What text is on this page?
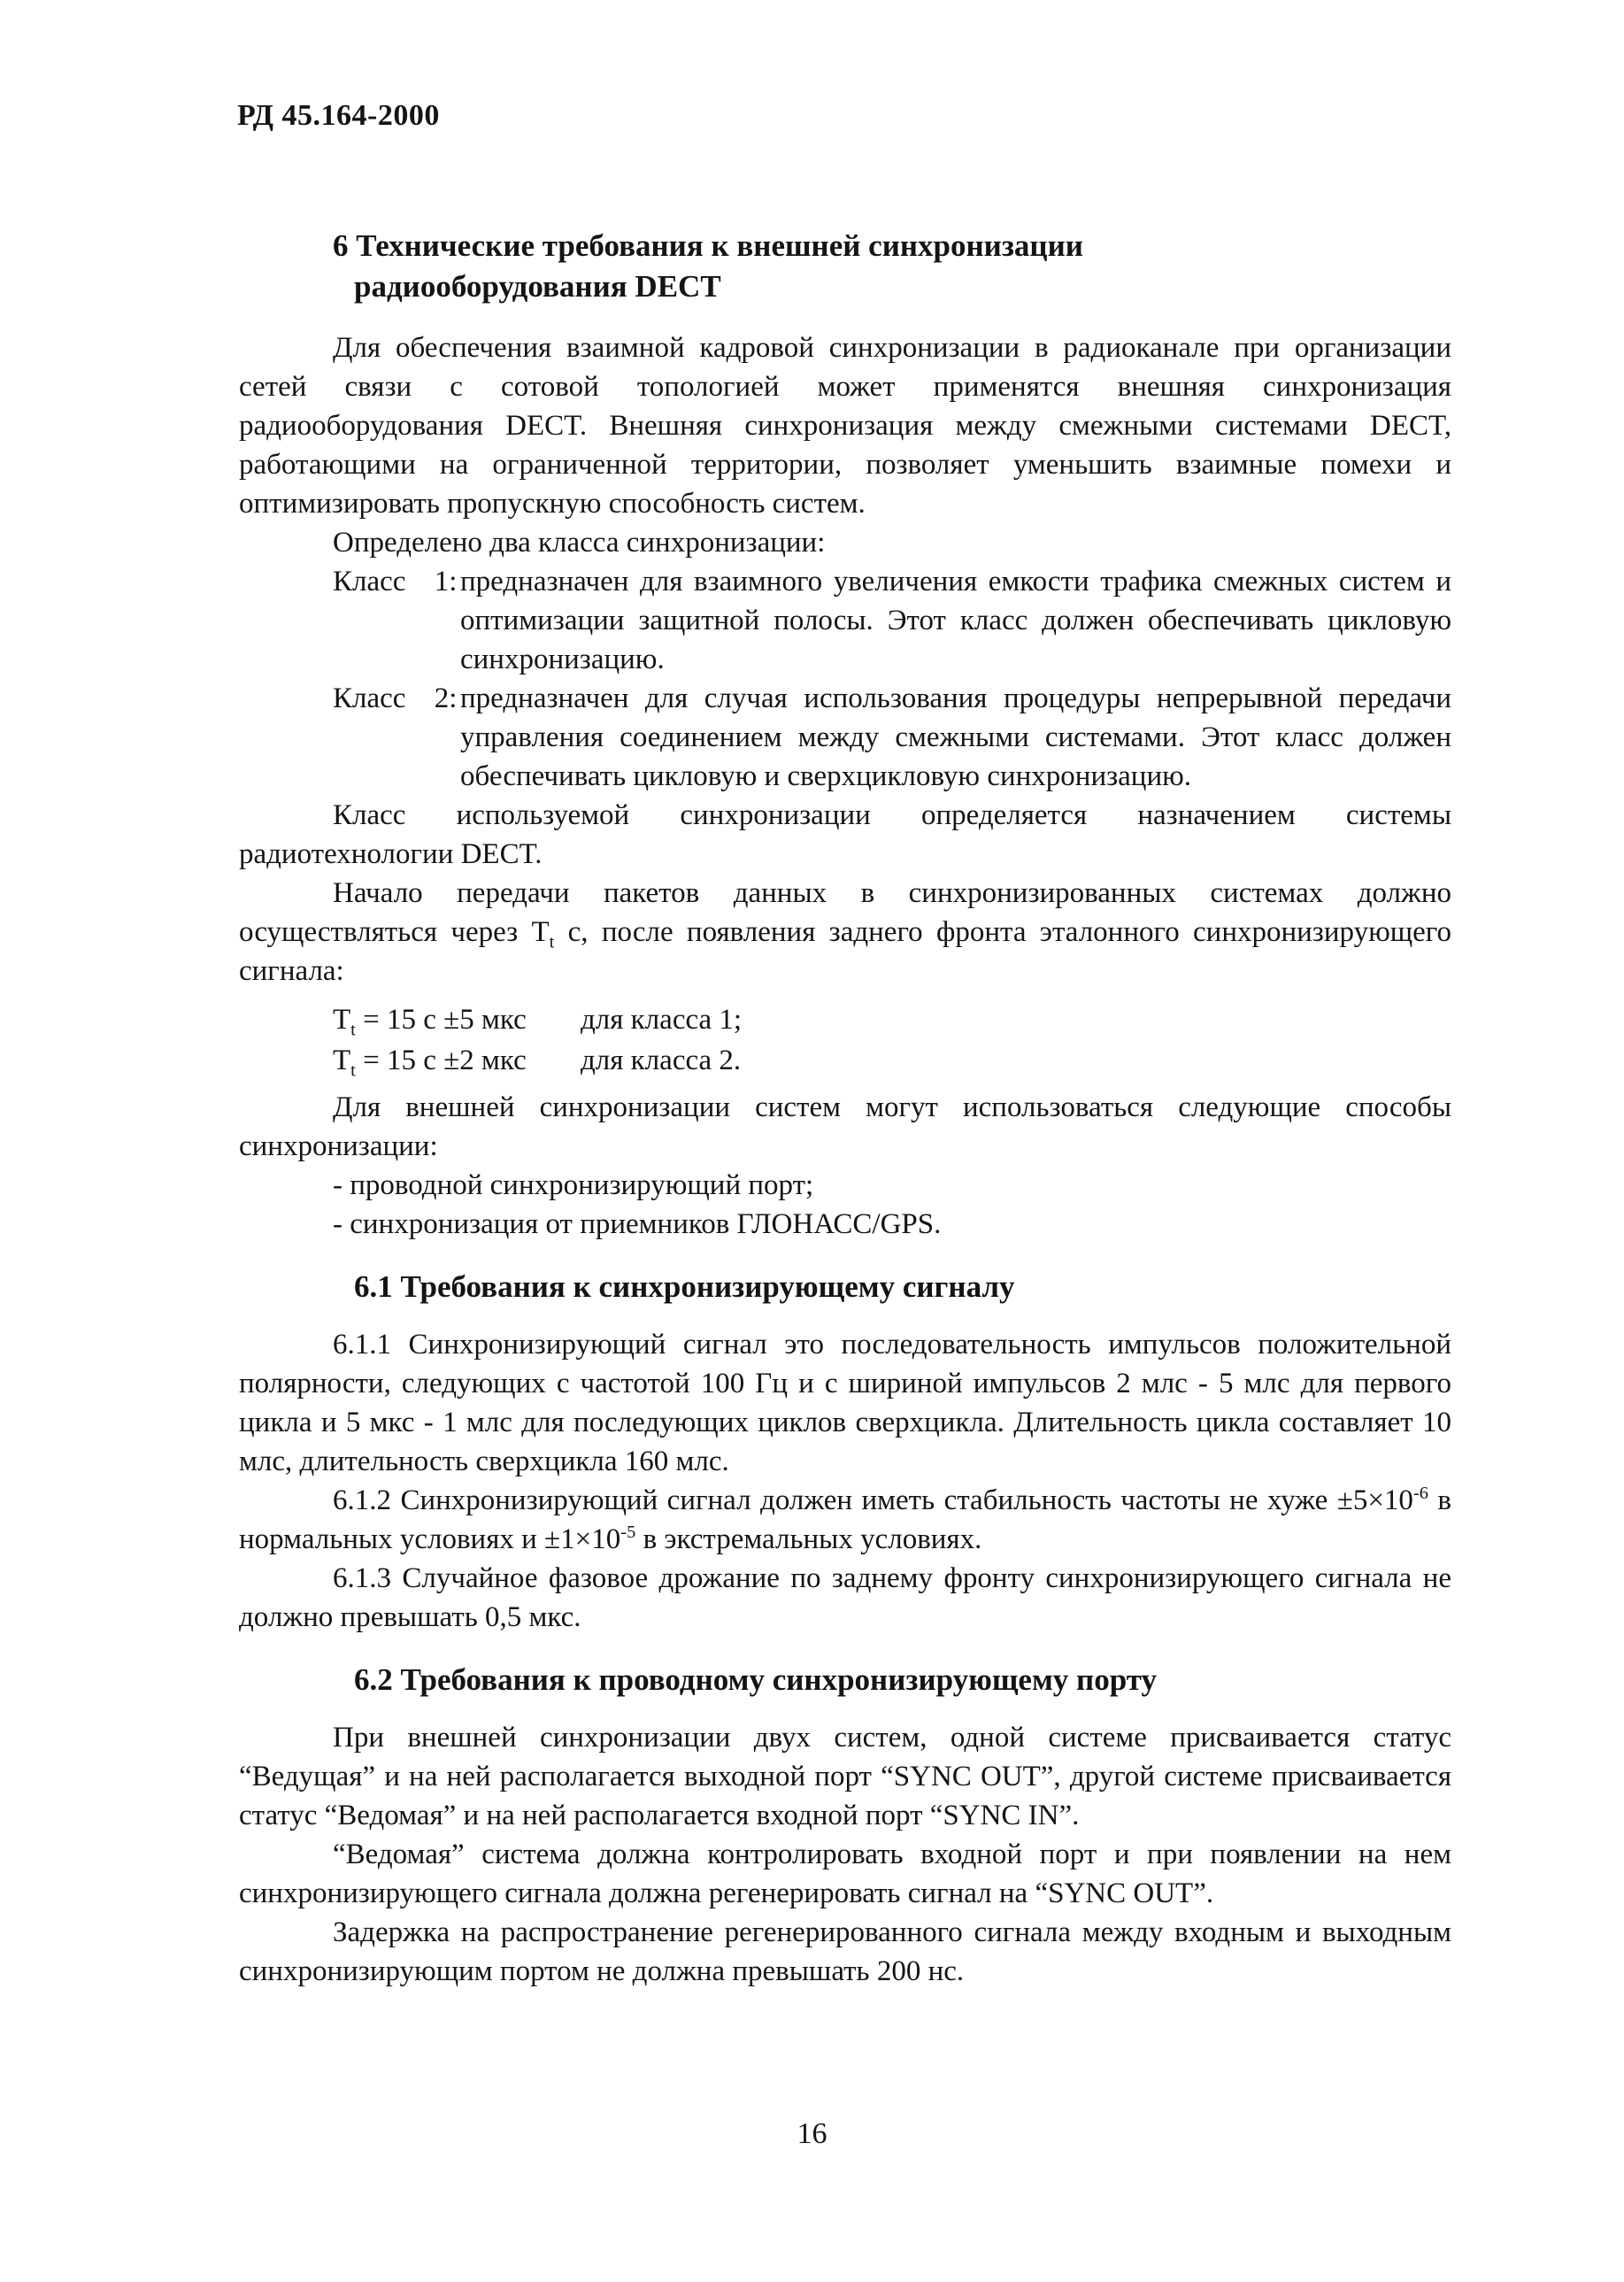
РД 45.164-2000
6 Технические требования к внешней синхронизации
радиооборудования DECT

Для обеспечения взаимной кадровой синхронизации в радиоканале при организации сетей связи с сотовой топологией может применятся внешняя синхронизация радиооборудования DECT. Внешняя синхронизация между смежными системами DECT, работающими на ограниченной территории, позволяет уменьшить взаимные помехи и оптимизировать пропускную способность систем.

Определено два класса синхронизации:

Класс 1: предназначен для взаимного увеличения емкости трафика смежных систем и оптимизации защитной полосы. Этот класс должен обеспечивать цикловую синхронизацию.

Класс 2: предназначен для случая использования процедуры непрерывной передачи управления соединением между смежными системами. Этот класс должен обеспечивать цикловую и сверхцикловую синхронизацию.

Класс используемой синхронизации определяется назначением системы радиотехнологии DECT.

Начало передачи пакетов данных в синхронизированных системах должно осуществляться через $T_t$ с, после появления заднего фронта эталонного синхронизирующего сигнала:

$T_t = 15$ с ±5 мкс	для класса 1;
$T_t = 15$ с ±2 мкс	для класса 2.

Для внешней синхронизации систем могут использоваться следующие способы синхронизации:

- проводной синхронизирующий порт;

- синхронизация от приемников ГЛОНАСС/GPS.

6.1 Требования к синхронизирующему сигналу

6.1.1 Синхронизирующий сигнал это последовательность импульсов положительной полярности, следующих с частотой 100 Гц и с шириной импульсов 2 млс - 5 млс для первого цикла и 5 мкс - 1 млс для последующих циклов сверхцикла. Длительность цикла составляет 10 млс, длительность сверхцикла 160 млс.

6.1.2 Синхронизирующий сигнал должен иметь стабильность частоты не хуже $\pm 5\times 10^{-6}$ в нормальных условиях $и \pm 1\times 10^{-5}$ в экстремальных условиях.

6.1.3 Случайное фазовое дрожание по заднему фронту синхронизирующего сигнала не должно превышать 0,5 мкс.

6.2 Требования к проводному синхронизирующему порту

При внешней синхронизации двух систем, одной системе присваивается статус “Ведущая” и на ней располагается выходной порт “SYNC OUT”, другой системе присваивается статус “Ведомая” и на ней располагается входной порт “SYNC IN”.

“Ведомая” система должна контролировать входной порт и при появлении на нем синхронизирующего сигнала должна регенерировать сигнал на “SYNC OUT”.

Задержка на распространение регенерированного сигнала между входным и выходным синхронизирующим портом не должна превышать 200 нс.

16
